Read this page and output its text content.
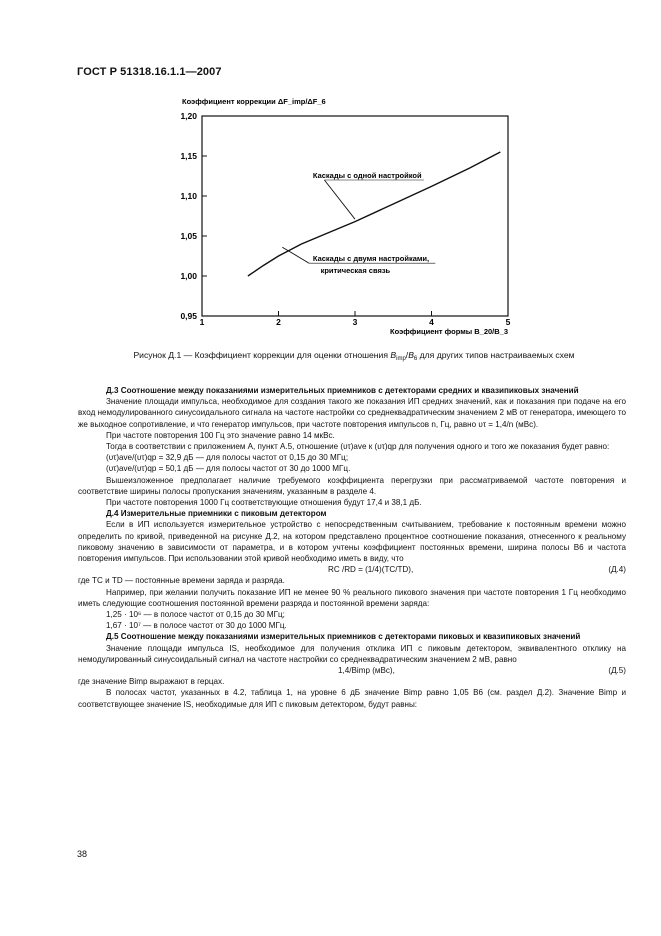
ГОСТ Р 51318.16.1.1—2007
0,95
1,00
1,05
1,10
1,15
1,20
1	2	3	4	5
Коэффициент коррекции ΔF_imp/ΔF_6
Коэффициент формы B_20/B_3
Каскады с одной настройкой
Каскады с двумя настройками,
критическая связь
Рисунок Д.1 — Коэффициент коррекции для оценки отношения $B_{imp}/B_6$ для других типов настраиваемых схем

Д.3 Соотношение между показаниями измерительных приемников с детекторами средних и квазипиковых значений

Значение площади импульса, необходимое для создания такого же показания ИП средних значений, как и показания при подаче на его вход немодулированного синусоидального сигнала на частоте настройки со среднеквадратическим значением 2 мВ от генератора, имеющего то же выходное сопротивление, и что генератор импульсов, при частоте повторения импульсов n, Гц, равно υτ = 1,4/n (мВс).

При частоте повторения 100 Гц это значение равно 14 мкВс.

Тогда в соответствии с приложением А, пункт А.5, отношение (υτ)ave к (υτ)qp для получения одного и того же показания будет равно:

(υτ)ave/(υτ)qp = 32,9 дБ — для полосы частот от 0,15 до 30 МГц;

(υτ)ave/(υτ)qp = 50,1 дБ — для полосы частот от 30 до 1000 МГц.

Вышеизложенное предполагает наличие требуемого коэффициента перегрузки при рассматриваемой частоте повторения и соответствие ширины полосы пропускания значениям, указанным в разделе 4.

При частоте повторения 1000 Гц соответствующие отношения будут 17,4 и 38,1 дБ.

Д.4 Измерительные приемники с пиковым детектором

Если в ИП используется измерительное устройство с непосредственным считыванием, требование к постоянным времени можно определить по кривой, приведенной на рисунке Д.2, на котором представлено процентное соотношение показания, отнесенного к реальному пиковому значению в зависимости от параметра, и в котором учтены коэффициент постоянных времени, ширина полосы B6 и частота повторения импульсов. При использовании этой кривой необходимо иметь в виду, что

RC /RD = (1/4)(TC/TD),	(Д.4)

где TC и TD — постоянные времени заряда и разряда.

Например, при желании получить показание ИП не менее 90 % реального пикового значения при частоте повторения 1 Гц необходимо иметь следующие соотношения постоянной времени разряда и постоянной времени заряда:

1,25 · 10⁶ — в полосе частот от 0,15 до 30 МГц;

1,67 · 10⁷ — в полосе частот от 30 до 1000 МГц.

Д.5 Соотношение между показаниями измерительных приемников с детекторами пиковых и квазипиковых значений

Значение площади импульса IS, необходимое для получения отклика ИП с пиковым детектором, эквивалентного отклику на немодулированный синусоидальный сигнал на частоте настройки со среднеквадратическим значением 2 мВ, равно

1,4/Bimp (мВс),	(Д.5)

где значение Bimp выражают в герцах.

В полосах частот, указанных в 4.2, таблица 1, на уровне 6 дБ значение Bimp равно 1,05 B6 (см. раздел Д.2). Значение Bimp и соответствующее значение IS, необходимые для ИП с пиковым детектором, будут равны:

38
